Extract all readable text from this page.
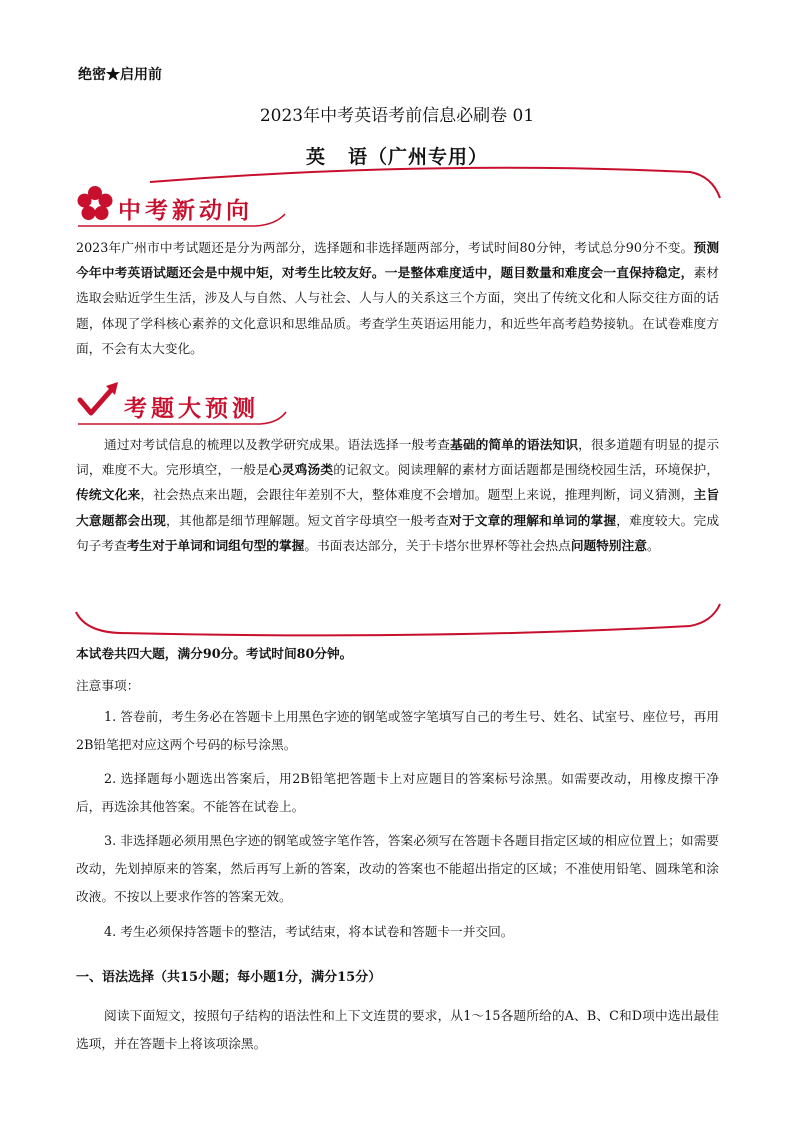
绝密★启用前
2023年中考英语考前信息必刷卷 01
英 语（广州专用）
中考新动向
考题大预测
2023年广州市中考试题还是分为两部分，选择题和非选择题两部分，考试时间80分钟，考试总分90分不变。预测今年中考英语试题还会是中规中矩，对考生比较友好。一是整体难度适中，题目数量和难度会一直保持稳定，素材选取会贴近学生生活，涉及人与自然、人与社会、人与人的关系这三个方面，突出了传统文化和人际交往方面的话题，体现了学科核心素养的文化意识和思维品质。考查学生英语运用能力，和近些年高考趋势接轨。在试卷难度方面，不会有太大变化。
通过对考试信息的梳理以及教学研究成果。语法选择一般考查基础的简单的语法知识，很多道题有明显的提示词，难度不大。完形填空，一般是心灵鸡汤类的记叙文。阅读理解的素材方面话题都是围绕校园生活，环境保护，传统文化来，社会热点来出题，会跟往年差别不大，整体难度不会增加。题型上来说，推理判断，词义猜测，主旨大意题都会出现，其他都是细节理解题。短文首字母填空一般考查对于文章的理解和单词的掌握，难度较大。完成句子考查考生对于单词和词组句型的掌握。书面表达部分，关于卡塔尔世界杯等社会热点问题特别注意。
本试卷共四大题，满分90分。考试时间80分钟。
注意事项：
1. 答卷前，考生务必在答题卡上用黑色字迹的钢笔或签字笔填写自己的考生号、姓名、试室号、座位号，再用2B铅笔把对应这两个号码的标号涂黑。
2. 选择题每小题选出答案后，用2B铅笔把答题卡上对应题目的答案标号涂黑。如需要改动，用橡皮擦干净后，再选涂其他答案。不能答在试卷上。
3. 非选择题必须用黑色字迹的钢笔或签字笔作答，答案必须写在答题卡各题目指定区域的相应位置上；如需要改动，先划掉原来的答案，然后再写上新的答案，改动的答案也不能超出指定的区域；不准使用铅笔、圆珠笔和涂改液。不按以上要求作答的答案无效。
4. 考生必须保持答题卡的整洁，考试结束，将本试卷和答题卡一并交回。
一、语法选择（共15小题；每小题1分，满分15分）
阅读下面短文，按照句子结构的语法性和上下文连贯的要求，从1～15各题所给的A、B、C和D项中选出最佳选项，并在答题卡上将该项涂黑。
